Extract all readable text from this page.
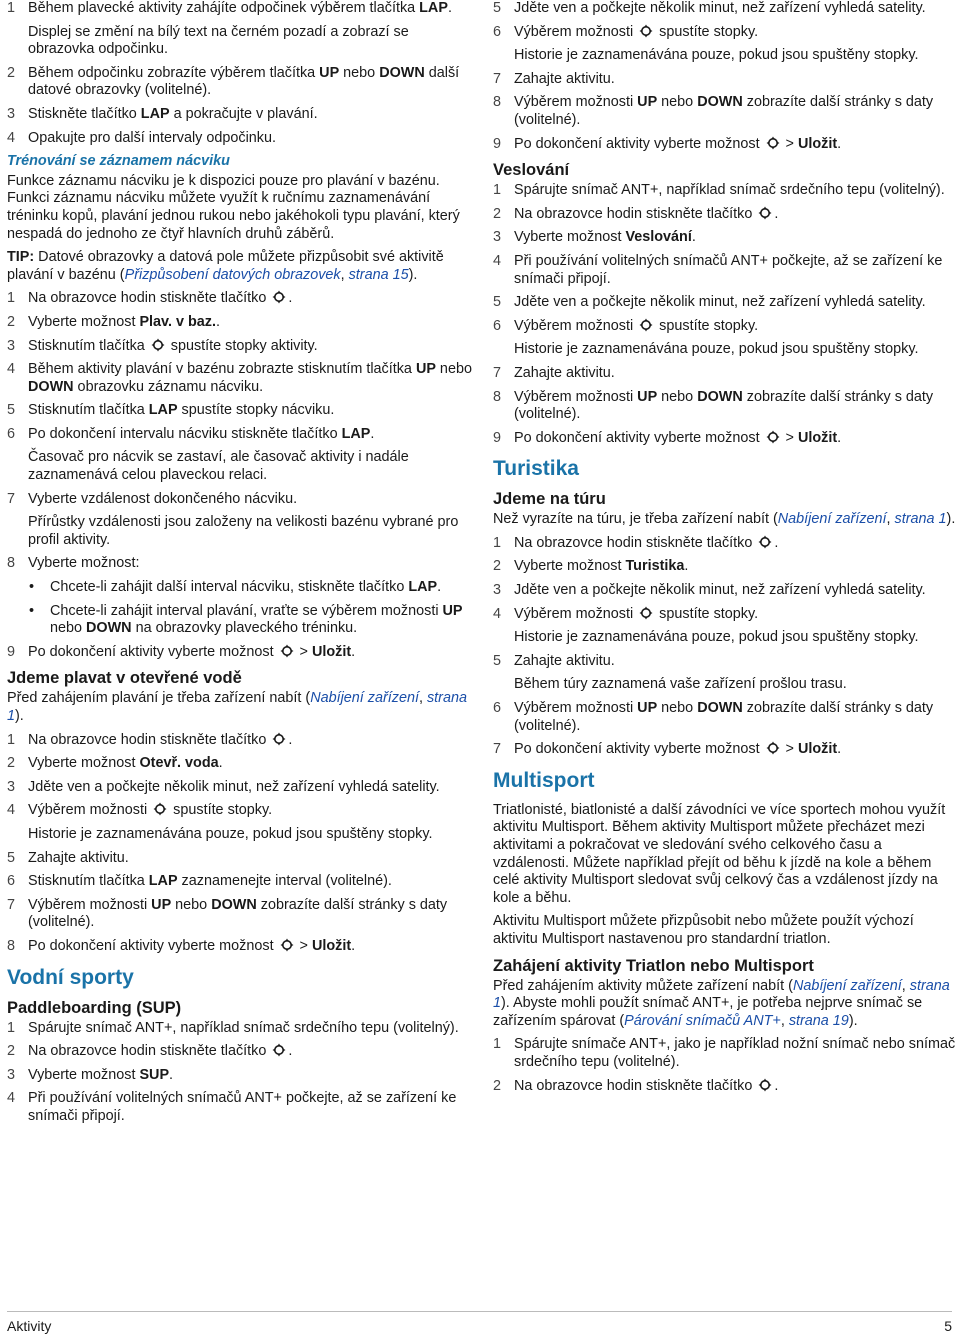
1 Během plavecké aktivity zahájíte odpočinek výběrem tlačítka LAP.

Displej se změní na bílý text na černém pozadí a zobrazí se obrazovka odpočinku.

2 Během odpočinku zobrazíte výběrem tlačítka UP nebo DOWN další datové obrazovky (volitelné).
3 Stiskněte tlačítko LAP a pokračujte v plavání.
4 Opakujte pro další intervaly odpočinku.
Trénování se záznamem nácviku

Funkce záznamu nácviku je k dispozici pouze pro plavání v bazénu. Funkci záznamu nácviku můžete využít k ručnímu zaznamenávání tréninku kopů, plavání jednou rukou nebo jakéhokoli typu plavání, který nespadá do jednoho ze čtyř hlavních druhů záběrů.

TIP: Datové obrazovky a datová pole můžete přizpůsobit své aktivitě plavání v bazénu (Přizpůsobení datových obrazovek, strana 15).

1 Na obrazovce hodin stiskněte tlačítko .
2 Vyberte možnost Plav. v baz..
3 Stisknutím tlačítka  spustíte stopky aktivity.
4 Během aktivity plavání v bazénu zobrazte stisknutím tlačítka UP nebo DOWN obrazovku záznamu nácviku.
5 Stisknutím tlačítka LAP spustíte stopky nácviku.
6 Po dokončení intervalu nácviku stiskněte tlačítko LAP.

Časovač pro nácvik se zastaví, ale časovač aktivity i nadále zaznamenává celou plaveckou relaci.

7 Vyberte vzdálenost dokončeného nácviku.

Přírůstky vzdálenosti jsou založeny na velikosti bazénu vybrané pro profil aktivity.

8 Vyberte možnost:
• Chcete-li zahájit další interval nácviku, stiskněte tlačítko LAP.
• Chcete-li zahájit interval plavání, vraťte se výběrem možnosti UP nebo DOWN na obrazovky plaveckého tréninku.
9 Po dokončení aktivity vyberte možnost  > Uložit.
Jdeme plavat v otevřené vodě

Před zahájením plavání je třeba zařízení nabít (Nabíjení zařízení, strana 1).

1 Na obrazovce hodin stiskněte tlačítko .
2 Vyberte možnost Otevř. voda.
3 Jděte ven a počkejte několik minut, než zařízení vyhledá satelity.
4 Výběrem možnosti  spustíte stopky.

Historie je zaznamenávána pouze, pokud jsou spuštěny stopky.

5 Zahajte aktivitu.
6 Stisknutím tlačítka LAP zaznamenejte interval (volitelné).
7 Výběrem možnosti UP nebo DOWN zobrazíte další stránky s daty (volitelné).
8 Po dokončení aktivity vyberte možnost  > Uložit.
Vodní sporty
Paddleboarding (SUP)
1 Spárujte snímač ANT+, například snímač srdečního tepu (volitelný).
2 Na obrazovce hodin stiskněte tlačítko .
3 Vyberte možnost SUP.
4 Při používání volitelných snímačů ANT+ počkejte, až se zařízení ke snímači připojí.
5 Jděte ven a počkejte několik minut, než zařízení vyhledá satelity.
6 Výběrem možnosti  spustíte stopky.

Historie je zaznamenávána pouze, pokud jsou spuštěny stopky.

7 Zahajte aktivitu.
8 Výběrem možnosti UP nebo DOWN zobrazíte další stránky s daty (volitelné).
9 Po dokončení aktivity vyberte možnost  > Uložit.
Veslování
1 Spárujte snímač ANT+, například snímač srdečního tepu (volitelný).
2 Na obrazovce hodin stiskněte tlačítko .
3 Vyberte možnost Veslování.
4 Při používání volitelných snímačů ANT+ počkejte, až se zařízení ke snímači připojí.
5 Jděte ven a počkejte několik minut, než zařízení vyhledá satelity.
6 Výběrem možnosti  spustíte stopky.

Historie je zaznamenávána pouze, pokud jsou spuštěny stopky.

7 Zahajte aktivitu.
8 Výběrem možnosti UP nebo DOWN zobrazíte další stránky s daty (volitelné).
9 Po dokončení aktivity vyberte možnost  > Uložit.
Turistika
Jdeme na túru

Než vyrazíte na túru, je třeba zařízení nabít (Nabíjení zařízení, strana 1).

1 Na obrazovce hodin stiskněte tlačítko .
2 Vyberte možnost Turistika.
3 Jděte ven a počkejte několik minut, než zařízení vyhledá satelity.
4 Výběrem možnosti  spustíte stopky.

Historie je zaznamenávána pouze, pokud jsou spuštěny stopky.

5 Zahajte aktivitu.

Během túry zaznamená vaše zařízení prošlou trasu.

6 Výběrem možnosti UP nebo DOWN zobrazíte další stránky s daty (volitelné).
7 Po dokončení aktivity vyberte možnost  > Uložit.
Multisport

Triatlonisté, biatlonisté a další závodníci ve více sportech mohou využít aktivitu Multisport. Během aktivity Multisport můžete přecházet mezi aktivitami a pokračovat ve sledování svého celkového času a vzdálenosti. Můžete například přejít od běhu k jízdě na kole a během celé aktivity Multisport sledovat svůj celkový čas a vzdálenost jízdy na kole a běhu.

Aktivitu Multisport můžete přizpůsobit nebo můžete použít výchozí aktivitu Multisport nastavenou pro standardní triatlon.

Zahájení aktivity Triatlon nebo Multisport

Před zahájením aktivity můžete zařízení nabít (Nabíjení zařízení, strana 1). Abyste mohli použít snímač ANT+, je potřeba nejprve snímač se zařízením spárovat (Párování snímačů ANT+, strana 19).

1 Spárujte snímače ANT+, jako je například nožní snímač nebo snímač srdečního tepu (volitelné).
2 Na obrazovce hodin stiskněte tlačítko .
Aktivity	5
